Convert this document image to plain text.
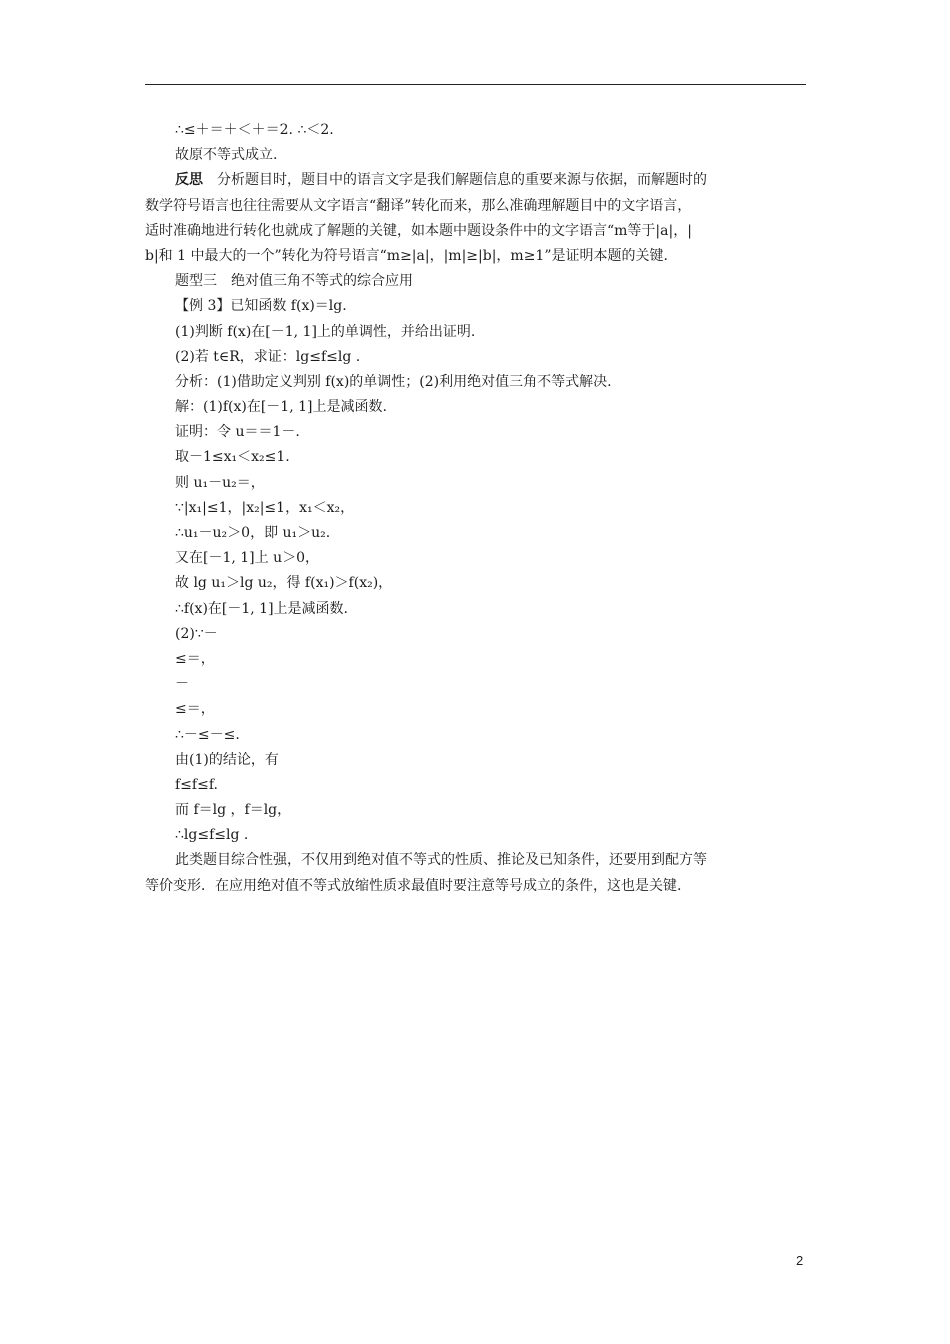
∴≤＋＝＋＜＋＝2. ∴＜2.
故原不等式成立.
反思　分析题目时，题目中的语言文字是我们解题信息的重要来源与依据，而解题时的
数学符号语言也往往需要从文字语言“翻译”转化而来，那么准确理解题目中的文字语言，
适时准确地进行转化也就成了解题的关键，如本题中题设条件中的文字语言“m等于|a|，|
b|和 1 中最大的一个”转化为符号语言“m≥|a|，|m|≥|b|，m≥1”是证明本题的关键.
题型三　绝对值三角不等式的综合应用
【例 3】已知函数 f(x)＝lg.
(1)判断 f(x)在[－1, 1]上的单调性，并给出证明.
(2)若 t∈R，求证：lg≤f≤lg .
分析：(1)借助定义判别 f(x)的单调性；(2)利用绝对值三角不等式解决.
解：(1)f(x)在[－1, 1]上是减函数.
证明：令 u＝＝1－.
取－1≤x₁＜x₂≤1.
则 u₁－u₂＝，
∵|x₁|≤1，|x₂|≤1，x₁＜x₂，
∴u₁－u₂＞0，即 u₁＞u₂.
又在[－1, 1]上 u＞0，
故 lg u₁＞lg u₂，得 f(x₁)＞f(x₂)，
∴f(x)在[－1, 1]上是减函数.
(2)∵－
≤＝，
－
≤＝，
∴－≤－≤.
由(1)的结论，有
f≤f≤f.
而 f＝lg ，f＝lg，
∴lg≤f≤lg .
此类题目综合性强，不仅用到绝对值不等式的性质、推论及已知条件，还要用到配方等
等价变形．在应用绝对值不等式放缩性质求最值时要注意等号成立的条件，这也是关键.
2
